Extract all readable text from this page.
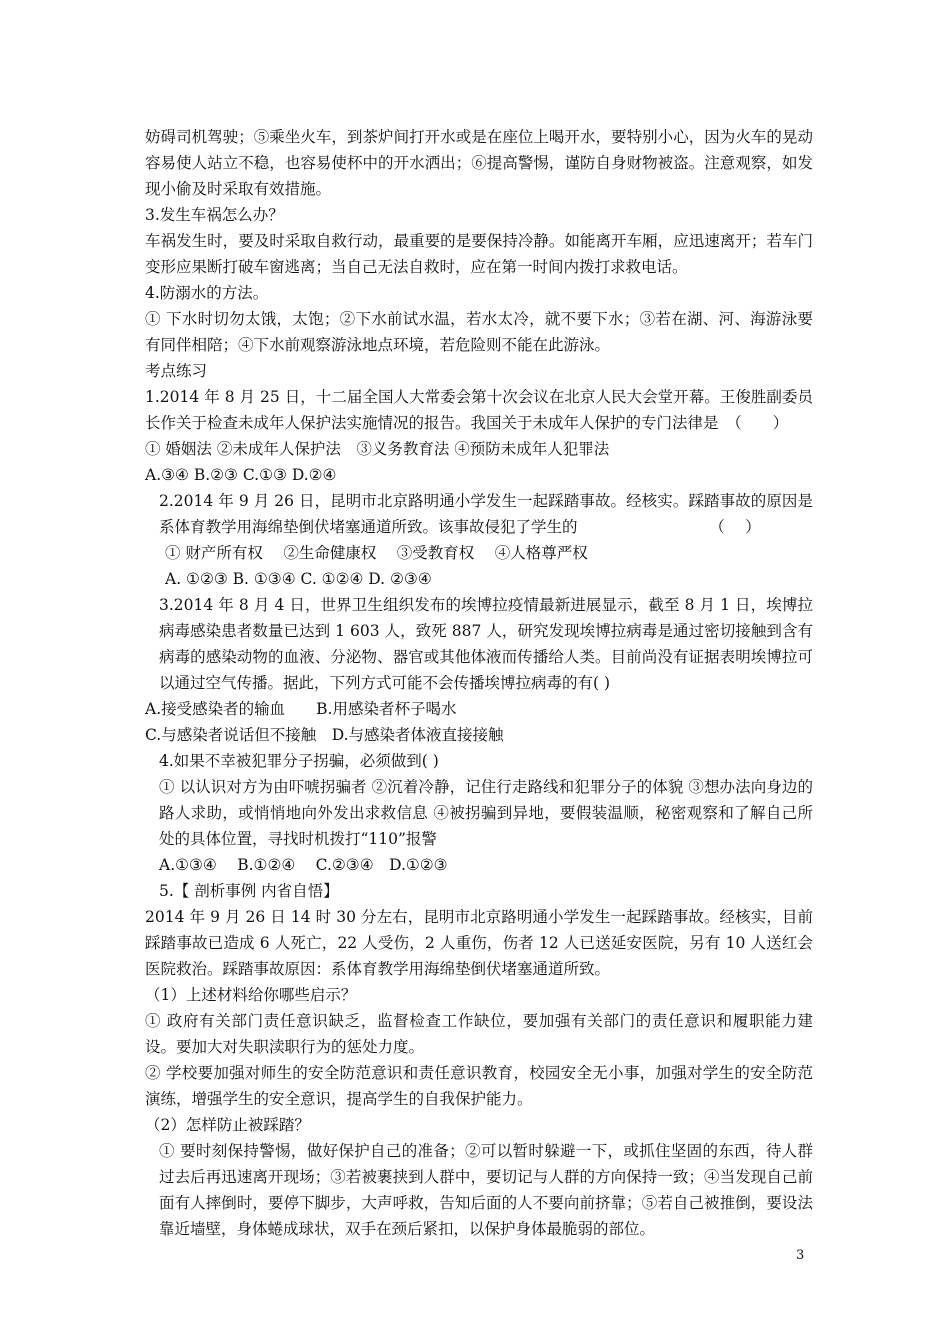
妨碍司机驾驶；⑤乘坐火车，到茶炉间打开水或是在座位上喝开水，要特别小心，因为火车的晃动容易使人站立不稳，也容易使杯中的开水洒出；⑥提高警惕，谨防自身财物被盗。注意观察，如发现小偷及时采取有效措施。

3.发生车祸怎么办？

车祸发生时，要及时采取自救行动，最重要的是要保持冷静。如能离开车厢，应迅速离开；若车门变形应果断打破车窗逃离；当自己无法自救时，应在第一时间内拨打求救电话。

4.防溺水的方法。

① 下水时切勿太饿，太饱；②下水前试水温，若水太冷，就不要下水；③若在湖、河、海游泳要有同伴相陪；④下水前观察游泳地点环境，若危险则不能在此游泳。

考点练习

1.2014 年 8 月 25 日，十二届全国人大常委会第十次会议在北京人民大会堂开幕。王俊胜副委员长作关于检查未成年人保护法实施情况的报告。我国关于未成年人保护的专门法律是　（　　）

① 婚姻法 ②未成年人保护法　③义务教育法 ④预防未成年人犯罪法

A.③④ B.②③ C.①③ D.②④

2.2014 年 9 月 26 日，昆明市北京路明通小学发生一起踩踏事故。经核实。踩踏事故的原因是系体育教学用海绵垫倒伏堵塞通道所致。该事故侵犯了学生的　　　　　　　　　（　 ）

① 财产所有权　 ②生命健康权　 ③受教育权　 ④人格尊严权

A. ①②③ B. ①③④ C. ①②④ D. ②③④

3.2014 年 8 月 4 日，世界卫生组织发布的埃博拉疫情最新进展显示，截至 8 月 1 日，埃博拉病毒感染患者数量已达到 1 603 人，致死 887 人，研究发现埃博拉病毒是通过密切接触到含有病毒的感染动物的血液、分泌物、器官或其他体液而传播给人类。目前尚没有证据表明埃博拉可以通过空气传播。据此，下列方式可能不会传播埃博拉病毒的有( )

A.接受感染者的输血　　B.用感染者杯子喝水

C.与感染者说话但不接触　D.与感染者体液直接接触

4.如果不幸被犯罪分子拐骗，必须做到( )

① 以认识对方为由吓唬拐骗者 ②沉着冷静，记住行走路线和犯罪分子的体貌 ③想办法向身边的路人求助，或悄悄地向外发出求救信息 ④被拐骗到异地，要假装温顺，秘密观察和了解自己所处的具体位置，寻找时机拨打“110”报警

A.①③④　 B.①②④　 C.②③④　D.①②③

5.【 剖析事例 内省自悟】

2014 年 9 月 26 日 14 时 30 分左右，昆明市北京路明通小学发生一起踩踏事故。经核实，目前踩踏事故已造成 6 人死亡，22 人受伤，2 人重伤，伤者 12 人已送延安医院，另有 10 人送红会医院救治。踩踏事故原因：系体育教学用海绵垫倒伏堵塞通道所致。

（1）上述材料给你哪些启示？

① 政府有关部门责任意识缺乏，监督检查工作缺位，要加强有关部门的责任意识和履职能力建设。要加大对失职渎职行为的惩处力度。

② 学校要加强对师生的安全防范意识和责任意识教育，校园安全无小事，加强对学生的安全防范演练，增强学生的安全意识，提高学生的自我保护能力。

（2）怎样防止被踩踏？

① 要时刻保持警惕，做好保护自己的准备；②可以暂时躲避一下，或抓住坚固的东西，待人群过去后再迅速离开现场；③若被裹挟到人群中，要切记与人群的方向保持一致；④当发现自己前面有人摔倒时，要停下脚步，大声呼救，告知后面的人不要向前挤靠；⑤若自己被推倒，要设法靠近墙壁，身体蜷成球状，双手在颈后紧扣，以保护身体最脆弱的部位。

3
